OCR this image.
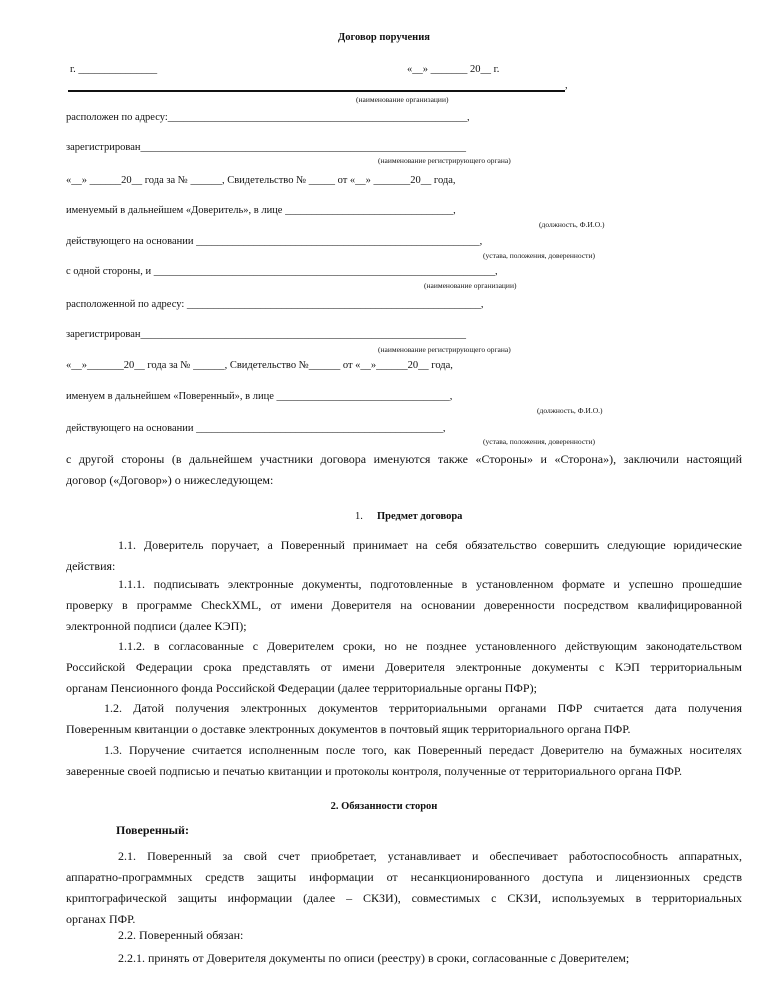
Договор поручения
г. _______________	«__» _______ 20__ г.
,
(наименование организации)
расположен по адресу:_________________________________________________________,
зарегистрирован______________________________________________________________
(наименование регистрирующего органа)
«__» ______20__ года за № ______, Свидетельство № _____ от «__» _______20__ года,
именуемый в дальнейшем «Доверитель», в лице ________________________________,
(должность, Ф.И.О.)
действующего на основании ______________________________________________________,
(устава, положения, доверенности)
с одной стороны, и _________________________________________________________________,
(наименование организации)
расположенной по адресу: ________________________________________________________,
зарегистрирован______________________________________________________________
(наименование регистрирующего органа)
«__»_______20__ года за № ______, Свидетельство №______ от «__»______20__ года,
именуем в дальнейшем «Поверенный», в лице _________________________________,
(должность, Ф.И.О.)
действующего на основании _______________________________________________,
(устава, положения, доверенности)
с другой стороны (в дальнейшем участники договора именуются также «Стороны» и «Сторона»), заключили настоящий
договор («Договор») о нижеследующем:
1. Предмет договора
1.1. Доверитель поручает, а Поверенный принимает на себя обязательство совершить следующие юридические
действия:
1.1.1. подписывать электронные документы, подготовленные в установленном формате и успешно прошедшие
проверку в программе CheckXML, от имени Доверителя на основании доверенности посредством квалифицированной
электронной подписи (далее КЭП);
1.1.2. в согласованные с Доверителем сроки, но не позднее установленного действующим законодательством
Российской Федерации срока представлять от имени Доверителя электронные документы с КЭП территориальным
органам Пенсионного фонда Российской Федерации (далее территориальные органы ПФР);
1.2. Датой получения электронных документов территориальными органами ПФР считается дата получения
Поверенным квитанции о доставке электронных документов в почтовый ящик территориального органа ПФР.
1.3. Поручение считается исполненным после того, как Поверенный передаст Доверителю на бумажных носителях
заверенные своей подписью и печатью квитанции и протоколы контроля, полученные от территориального органа ПФР.
2. Обязанности сторон
Поверенный:
2.1. Поверенный за свой счет приобретает, устанавливает и обеспечивает работоспособность аппаратных,
аппаратно-программных средств защиты информации от несанкционированного доступа и лицензионных средств
криптографической защиты информации (далее – СКЗИ), совместимых с СКЗИ, используемых в территориальных
органах ПФР.
2.2. Поверенный обязан:
2.2.1. принять от Доверителя документы по описи (реестру) в сроки, согласованные с Доверителем;
